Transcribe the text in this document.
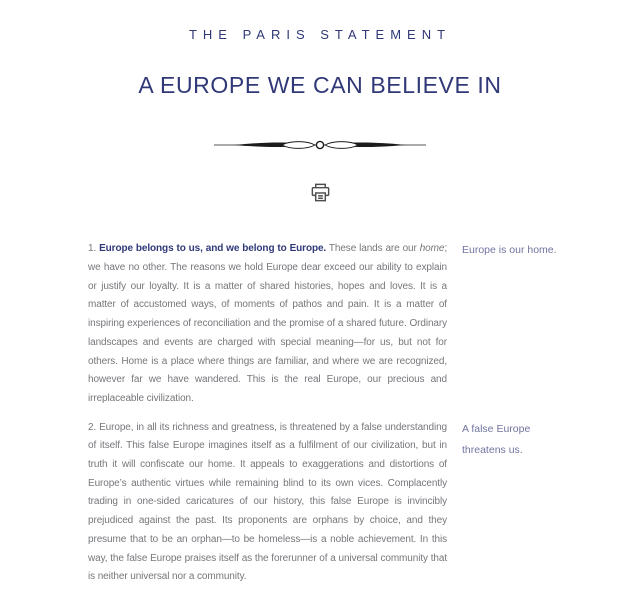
THE PARIS STATEMENT
A EUROPE WE CAN BELIEVE IN

1. Europe belongs to us, and we belong to Europe. These lands are our home; we have no other. The reasons we hold Europe dear exceed our ability to explain or justify our loyalty. It is a matter of shared histories, hopes and loves. It is a matter of accustomed ways, of moments of pathos and pain. It is a matter of inspiring experiences of reconciliation and the promise of a shared future. Ordinary landscapes and events are charged with special meaning—for us, but not for others. Home is a place where things are familiar, and where we are recognized, however far we have wandered. This is the real Europe, our precious and irreplaceable civilization.

Europe is our home.

2. Europe, in all its richness and greatness, is threatened by a false understanding of itself. This false Europe imagines itself as a fulfilment of our civilization, but in truth it will confiscate our home. It appeals to exaggerations and distortions of Europe’s authentic virtues while remaining blind to its own vices. Complacently trading in one-sided caricatures of our history, this false Europe is invincibly prejudiced against the past. Its proponents are orphans by choice, and they presume that to be an orphan—to be homeless—is a noble achievement. In this way, the false Europe praises itself as the forerunner of a universal community that is neither universal nor a community.

A false Europe
threatens us.
